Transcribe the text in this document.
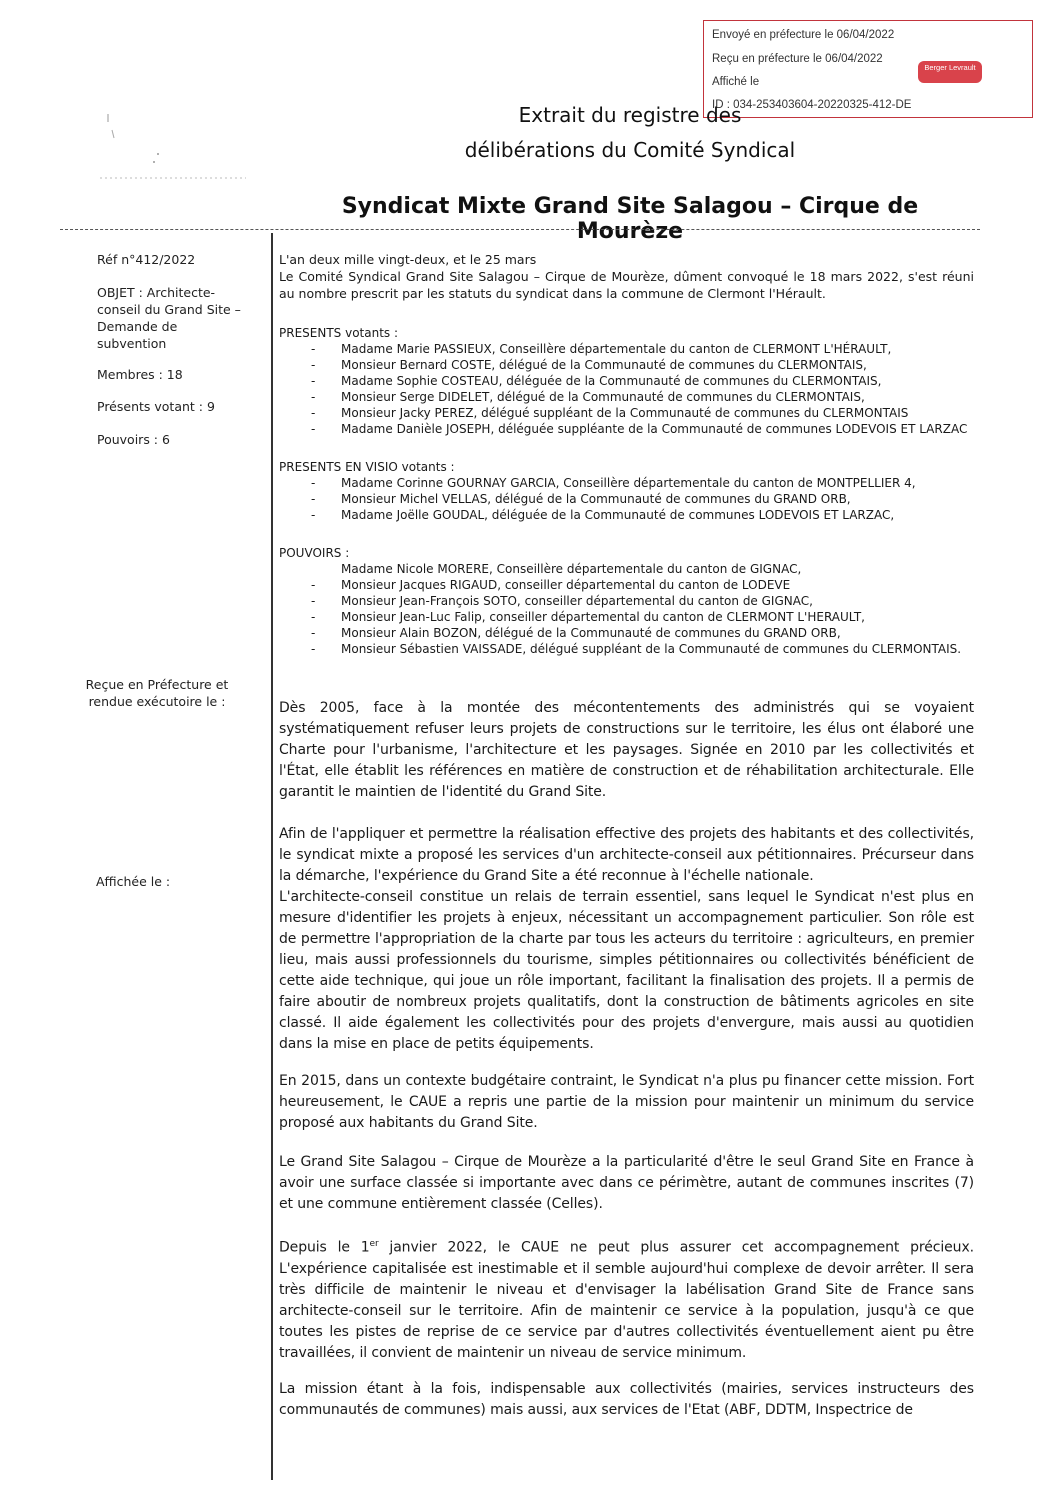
Envoyé en préfecture le 06/04/2022
Reçu en préfecture le 06/04/2022
Affiché le
ID : 034-253403604-20220325-412-DE
Berger Levrault
Extrait du registre des
délibérations du Comité Syndical
Syndicat Mixte Grand Site Salagou – Cirque de Mourèze
Réf n°412/2022
OBJET : Architecte-conseil du Grand Site – Demande de subvention
Membres : 18
Présents votant : 9
Pouvoirs : 6
Reçue en Préfecture et rendue exécutoire le :
Affichée le :
L'an deux mille vingt-deux, et le 25 mars
Le Comité Syndical Grand Site Salagou – Cirque de Mourèze, dûment convoqué le 18 mars 2022, s'est réuni au nombre prescrit par les statuts du syndicat dans la commune de Clermont l'Hérault.
PRESENTS votants :
- Madame Marie PASSIEUX, Conseillère départementale du canton de CLERMONT L'HÉRAULT,
- Monsieur Bernard COSTE, délégué de la Communauté de communes du CLERMONTAIS,
- Madame Sophie COSTEAU, déléguée de la Communauté de communes du CLERMONTAIS,
- Monsieur Serge DIDELET, délégué de la Communauté de communes du CLERMONTAIS,
- Monsieur Jacky PEREZ, délégué suppléant de la Communauté de communes du CLERMONTAIS
- Madame Danièle JOSEPH, déléguée suppléante de la Communauté de communes LODEVOIS ET LARZAC
PRESENTS EN VISIO votants :
- Madame Corinne GOURNAY GARCIA, Conseillère départementale du canton de MONTPELLIER 4,
- Monsieur Michel VELLAS, délégué de la Communauté de communes du GRAND ORB,
- Madame Joëlle GOUDAL, déléguée de la Communauté de communes LODEVOIS ET LARZAC,
POUVOIRS :
Madame Nicole MORERE, Conseillère départementale du canton de GIGNAC,
- Monsieur Jacques RIGAUD, conseiller départemental du canton de LODEVE
- Monsieur Jean-François SOTO, conseiller départemental du canton de GIGNAC,
- Monsieur Jean-Luc Falip, conseiller départemental du canton de CLERMONT L'HERAULT,
- Monsieur Alain BOZON, délégué de la Communauté de communes du GRAND ORB,
- Monsieur Sébastien VAISSADE, délégué suppléant de la Communauté de communes du CLERMONTAIS.
Dès 2005, face à la montée des mécontentements des administrés qui se voyaient systématiquement refuser leurs projets de constructions sur le territoire, les élus ont élaboré une Charte pour l'urbanisme, l'architecture et les paysages. Signée en 2010 par les collectivités et l'État, elle établit les références en matière de construction et de réhabilitation architecturale. Elle garantit le maintien de l'identité du Grand Site.

Afin de l'appliquer et permettre la réalisation effective des projets des habitants et des collectivités, le syndicat mixte a proposé les services d'un architecte-conseil aux pétitionnaires. Précurseur dans la démarche, l'expérience du Grand Site a été reconnue à l'échelle nationale.

L'architecte-conseil constitue un relais de terrain essentiel, sans lequel le Syndicat n'est plus en mesure d'identifier les projets à enjeux, nécessitant un accompagnement particulier. Son rôle est de permettre l'appropriation de la charte par tous les acteurs du territoire : agriculteurs, en premier lieu, mais aussi professionnels du tourisme, simples pétitionnaires ou collectivités bénéficient de cette aide technique, qui joue un rôle important, facilitant la finalisation des projets. Il a permis de faire aboutir de nombreux projets qualitatifs, dont la construction de bâtiments agricoles en site classé. Il aide également les collectivités pour des projets d'envergure, mais aussi au quotidien dans la mise en place de petits équipements.

En 2015, dans un contexte budgétaire contraint, le Syndicat n'a plus pu financer cette mission. Fort heureusement, le CAUE a repris une partie de la mission pour maintenir un minimum du service proposé aux habitants du Grand Site.
Le Grand Site Salagou – Cirque de Mourèze a la particularité d'être le seul Grand Site en France à avoir une surface classée si importante avec dans ce périmètre, autant de communes inscrites (7) et une commune entièrement classée (Celles).
Depuis le 1er janvier 2022, le CAUE ne peut plus assurer cet accompagnement précieux. L'expérience capitalisée est inestimable et il semble aujourd'hui complexe de devoir arrêter. Il sera très difficile de maintenir le niveau et d'envisager la labélisation Grand Site de France sans architecte-conseil sur le territoire. Afin de maintenir ce service à la population, jusqu'à ce que toutes les pistes de reprise de ce service par d'autres collectivités éventuellement aient pu être travaillées, il convient de maintenir un niveau de service minimum.
La mission étant à la fois, indispensable aux collectivités (mairies, services instructeurs des communautés de communes) mais aussi, aux services de l'Etat (ABF, DDTM, Inspectrice de
